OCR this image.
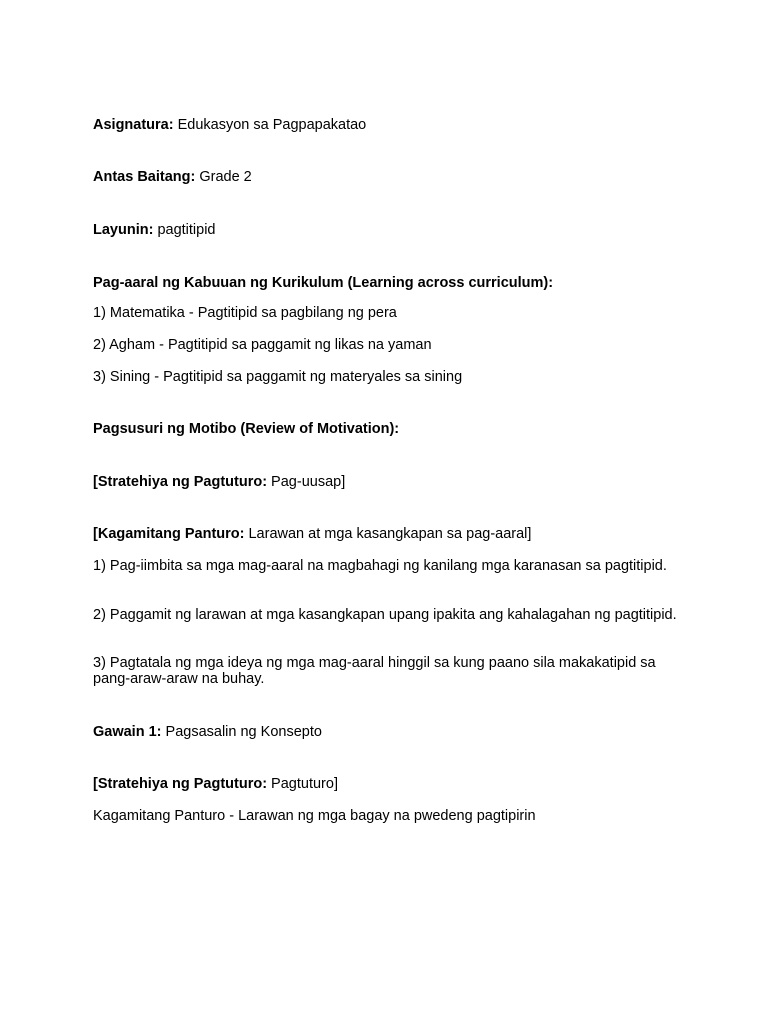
Asignatura: Edukasyon sa Pagpapakatao

Antas Baitang: Grade 2

Layunin: pagtitipid

Pag-aaral ng Kabuuan ng Kurikulum (Learning across curriculum):

1) Matematika - Pagtitipid sa pagbilang ng pera

2) Agham - Pagtitipid sa paggamit ng likas na yaman

3) Sining - Pagtitipid sa paggamit ng materyales sa sining

Pagsusuri ng Motibo (Review of Motivation):

[Stratehiya ng Pagtuturo: Pag-uusap]

[Kagamitang Panturo: Larawan at mga kasangkapan sa pag-aaral]

1) Pag-iimbita sa mga mag-aaral na magbahagi ng kanilang mga karanasan sa pagtitipid.

2) Paggamit ng larawan at mga kasangkapan upang ipakita ang kahalagahan ng pagtitipid.

3) Pagtatala ng mga ideya ng mga mag-aaral hinggil sa kung paano sila makakatipid sa pang-araw-araw na buhay.

Gawain 1: Pagsasalin ng Konsepto

[Stratehiya ng Pagtuturo: Pagtuturo]

Kagamitang Panturo - Larawan ng mga bagay na pwedeng pagtipirin
